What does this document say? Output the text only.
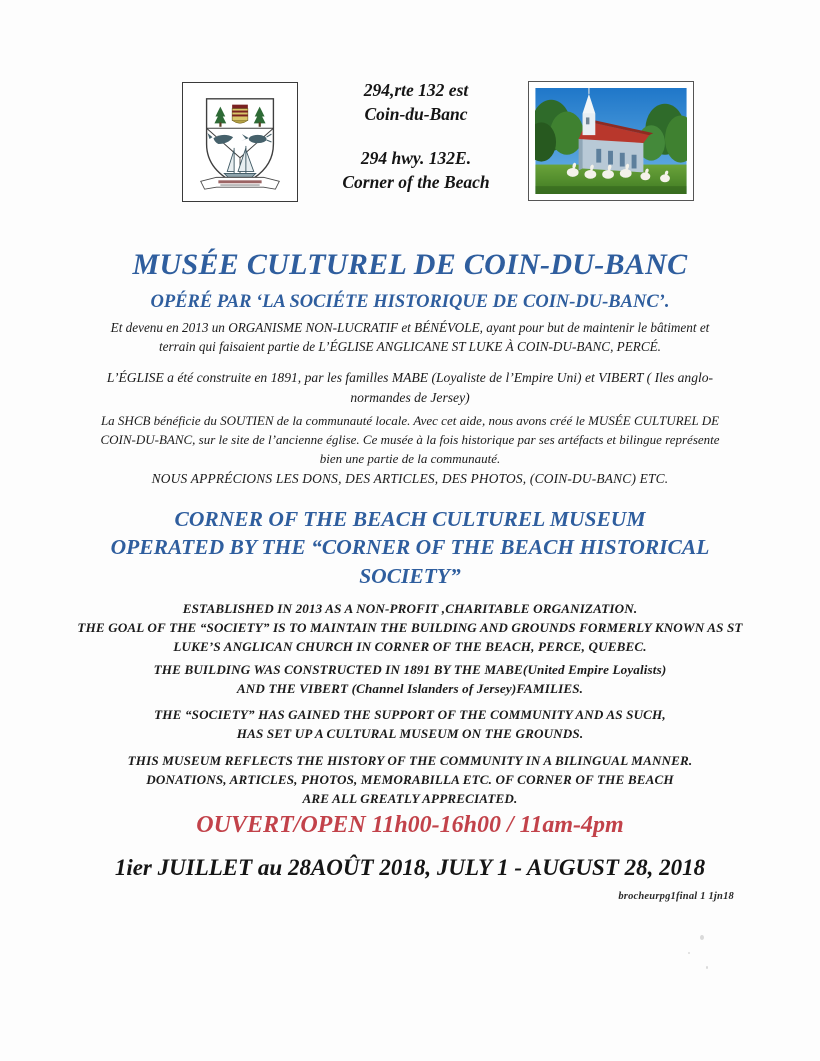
294,rte 132 est
Coin-du-Banc
294 hwy. 132E.
Corner of the Beach
MUSÉE CULTUREL DE COIN-DU-BANC
OPÉRÉ PAR ‘LA SOCIÉTE HISTORIQUE DE COIN-DU-BANC’.
Et devenu en 2013 un ORGANISME NON-LUCRATIF et BÉNÉVOLE, ayant pour but de maintenir le bâtiment et
terrain qui faisaient partie de L’ÉGLISE ANGLICANE ST LUKE À COIN-DU-BANC, PERCÉ.
L’ÉGLISE a été construite en 1891, par les familles MABE (Loyaliste de l’Empire Uni) et VIBERT ( Iles anglo-
normandes de Jersey)
La SHCB bénéficie du SOUTIEN de la communauté locale. Avec cet aide, nous avons créé le MUSÉE CULTUREL DE
COIN-DU-BANC, sur le site de l’ancienne église. Ce musée à la fois historique par ses artéfacts et bilingue représente
bien une partie de la communauté.
NOUS APPRÉCIONS LES DONS, DES ARTICLES, DES PHOTOS, (COIN-DU-BANC) ETC.
CORNER OF THE BEACH CULTUREL MUSEUM
OPERATED BY THE “CORNER OF THE BEACH HISTORICAL
SOCIETY”
ESTABLISHED IN 2013 AS A NON-PROFIT ,CHARITABLE ORGANIZATION.
THE GOAL OF THE “SOCIETY” IS TO MAINTAIN THE BUILDING AND GROUNDS FORMERLY KNOWN AS ST
LUKE’S ANGLICAN CHURCH IN CORNER OF THE BEACH, PERCE, QUEBEC.
THE BUILDING WAS CONSTRUCTED IN 1891 BY THE MABE(United Empire Loyalists)
AND THE VIBERT (Channel Islanders of Jersey)FAMILIES.
THE “SOCIETY” HAS GAINED THE SUPPORT OF THE COMMUNITY AND AS SUCH,
HAS SET UP A CULTURAL MUSEUM ON THE GROUNDS.
THIS MUSEUM REFLECTS THE HISTORY OF THE COMMUNITY IN A BILINGUAL MANNER.
DONATIONS, ARTICLES, PHOTOS, MEMORABILLA ETC. OF CORNER OF THE BEACH
ARE ALL GREATLY APPRECIATED.
OUVERT/OPEN 11h00-16h00 / 11am-4pm
1ier JUILLET au 28AOÛT 2018, JULY 1 - AUGUST 28, 2018
brocheurpg1final 1 1jn18
